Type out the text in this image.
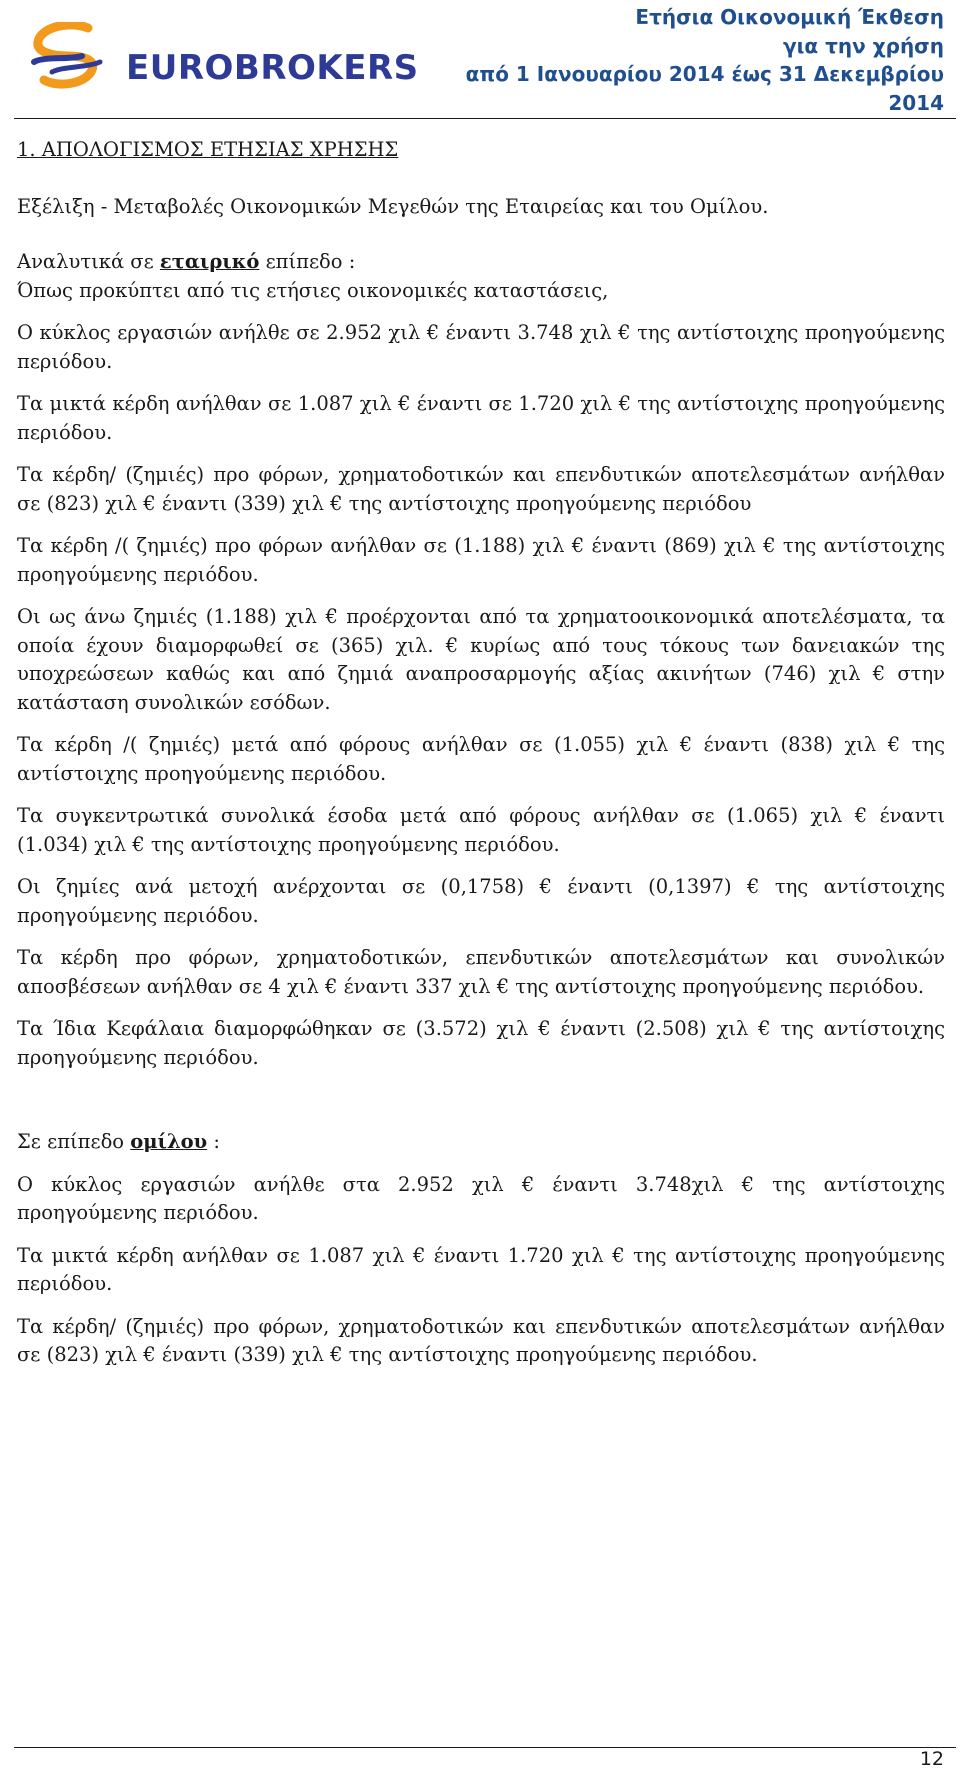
EUROBROKERS
Ετήσια Οικονομική Έκθεση
για την χρήση
από 1 Ιανουαρίου 2014 έως 31 Δεκεμβρίου
2014

1. ΑΠΟΛΟΓΙΣΜΟΣ ΕΤΗΣΙΑΣ ΧΡΗΣΗΣ

Εξέλιξη - Μεταβολές Οικονομικών Μεγεθών της Εταιρείας και του Ομίλου.

Αναλυτικά σε εταιρικό επίπεδο :

Όπως προκύπτει από τις ετήσιες οικονομικές καταστάσεις,

Ο κύκλος εργασιών ανήλθε σε 2.952 χιλ € έναντι 3.748 χιλ € της αντίστοιχης προηγούμενης περιόδου.

Τα μικτά κέρδη ανήλθαν σε 1.087 χιλ € έναντι σε 1.720 χιλ € της αντίστοιχης προηγούμενης περιόδου.

Τα κέρδη/ (ζημιές) προ φόρων, χρηματοδοτικών και επενδυτικών αποτελεσμάτων ανήλθαν σε (823) χιλ € έναντι (339) χιλ € της αντίστοιχης προηγούμενης περιόδου

Τα κέρδη /( ζημιές) προ φόρων ανήλθαν σε (1.188) χιλ € έναντι (869) χιλ € της αντίστοιχης προηγούμενης περιόδου.

Οι ως άνω ζημιές (1.188) χιλ € προέρχονται από τα χρηματοοικονομικά αποτελέσματα, τα οποία έχουν διαμορφωθεί σε (365) χιλ. € κυρίως από τους τόκους των δανειακών της υποχρεώσεων καθώς και από ζημιά αναπροσαρμογής αξίας ακινήτων (746) χιλ € στην κατάσταση συνολικών εσόδων.

Τα κέρδη /( ζημιές) μετά από φόρους ανήλθαν σε (1.055) χιλ € έναντι (838) χιλ € της αντίστοιχης προηγούμενης περιόδου.

Τα συγκεντρωτικά συνολικά έσοδα μετά από φόρους ανήλθαν σε (1.065) χιλ € έναντι (1.034) χιλ € της αντίστοιχης προηγούμενης περιόδου.

Οι ζημίες ανά μετοχή ανέρχονται σε (0,1758) € έναντι (0,1397) € της αντίστοιχης προηγούμενης περιόδου.

Τα κέρδη προ φόρων, χρηματοδοτικών, επενδυτικών αποτελεσμάτων και συνολικών αποσβέσεων ανήλθαν σε 4 χιλ € έναντι 337 χιλ € της αντίστοιχης προηγούμενης περιόδου.

Τα Ίδια Κεφάλαια διαμορφώθηκαν σε (3.572) χιλ € έναντι (2.508) χιλ € της αντίστοιχης προηγούμενης περιόδου.

Σε επίπεδο ομίλου :

Ο κύκλος εργασιών ανήλθε στα 2.952 χιλ € έναντι 3.748χιλ € της αντίστοιχης προηγούμενης περιόδου.

Τα μικτά κέρδη ανήλθαν σε 1.087 χιλ € έναντι 1.720 χιλ € της αντίστοιχης προηγούμενης περιόδου.

Τα κέρδη/ (ζημιές) προ φόρων, χρηματοδοτικών και επενδυτικών αποτελεσμάτων ανήλθαν σε (823) χιλ € έναντι (339) χιλ € της αντίστοιχης προηγούμενης περιόδου.

12
